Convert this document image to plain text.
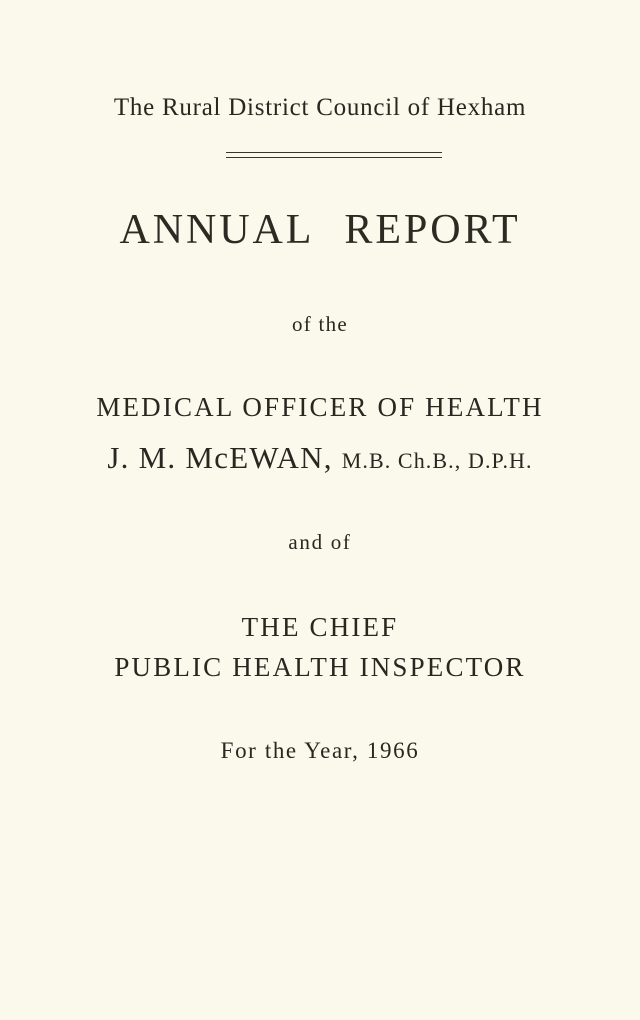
The Rural District Council of Hexham
ANNUAL REPORT
of the
MEDICAL OFFICER OF HEALTH
J. M. McEWAN, M.B. Ch.B., D.P.H.
and of
THE CHIEF
PUBLIC HEALTH INSPECTOR
For the Year, 1966
